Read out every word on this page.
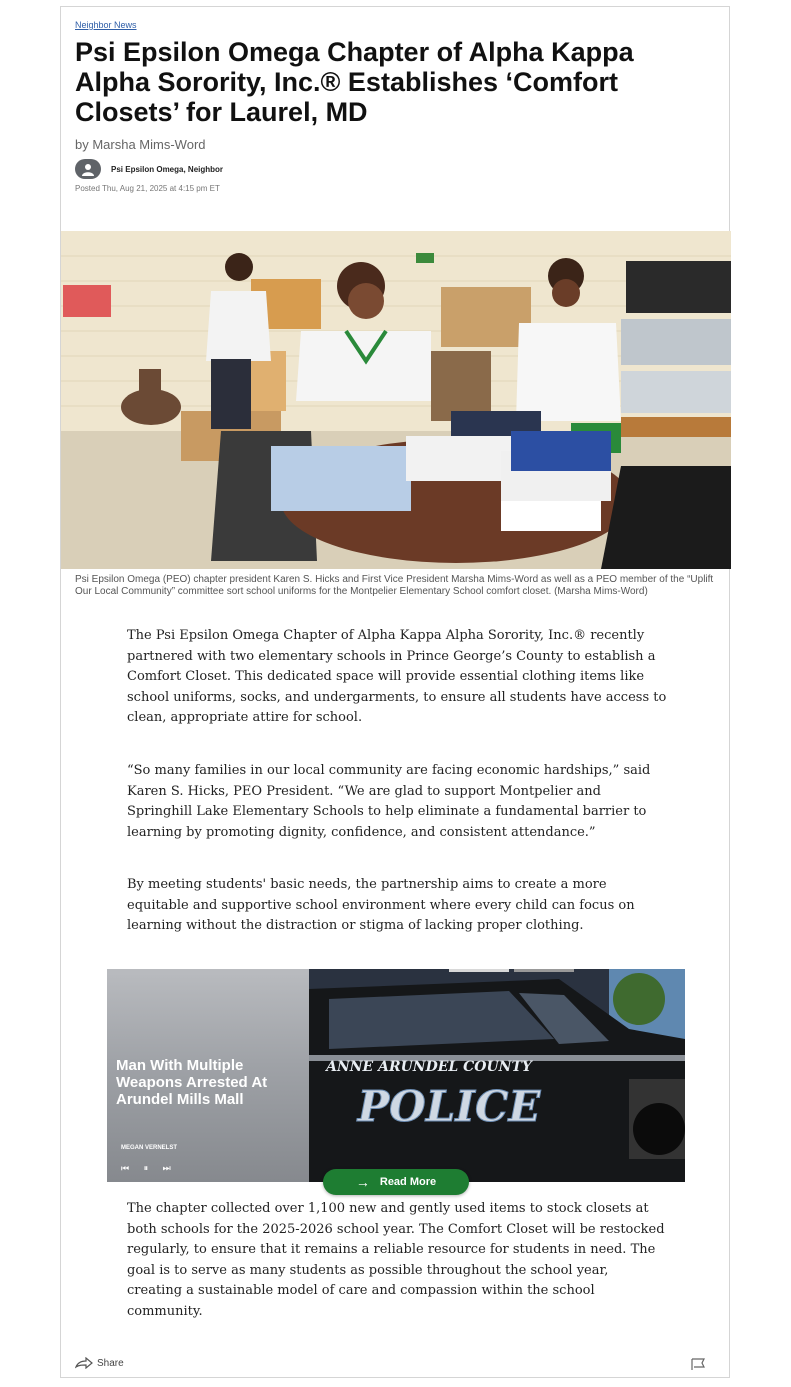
Neighbor News
Psi Epsilon Omega Chapter of Alpha Kappa Alpha Sorority, Inc.® Establishes ‘Comfort Closets’ for Laurel, MD
by Marsha Mims-Word
Psi Epsilon Omega, Neighbor
Posted Thu, Aug 21, 2025 at 4:15 pm ET
Psi Epsilon Omega (PEO) chapter president Karen S. Hicks and First Vice President Marsha Mims-Word as well as a PEO member of the “Uplift Our Local Community” committee sort school uniforms for the Montpelier Elementary School comfort closet. (Marsha Mims-Word)

The Psi Epsilon Omega Chapter of Alpha Kappa Alpha Sorority, Inc.® recently partnered with two elementary schools in Prince George’s County to establish a Comfort Closet. This dedicated space will provide essential clothing items like school uniforms, socks, and undergarments, to ensure all students have access to clean, appropriate attire for school.

“So many families in our local community are facing economic hardships,” said Karen S. Hicks, PEO President. “We are glad to support Montpelier and Springhill Lake Elementary Schools to help eliminate a fundamental barrier to learning by promoting dignity, confidence, and consistent attendance.”

By meeting students' basic needs, the partnership aims to create a more equitable and supportive school environment where every child can focus on learning without the distraction or stigma of lacking proper clothing.

Man With Multiple Weapons Arrested At Arundel Mills Mall
MEGAN VERNELST
⏮ ⏸ ⏭
ANNE ARUNDEL COUNTY
POLICE
→ Read More

The chapter collected over 1,100 new and gently used items to stock closets at both schools for the 2025-2026 school year. The Comfort Closet will be restocked regularly, to ensure that it remains a reliable resource for students in need. The goal is to serve as many students as possible throughout the school year, creating a sustainable model of care and compassion within the school community.

Share
